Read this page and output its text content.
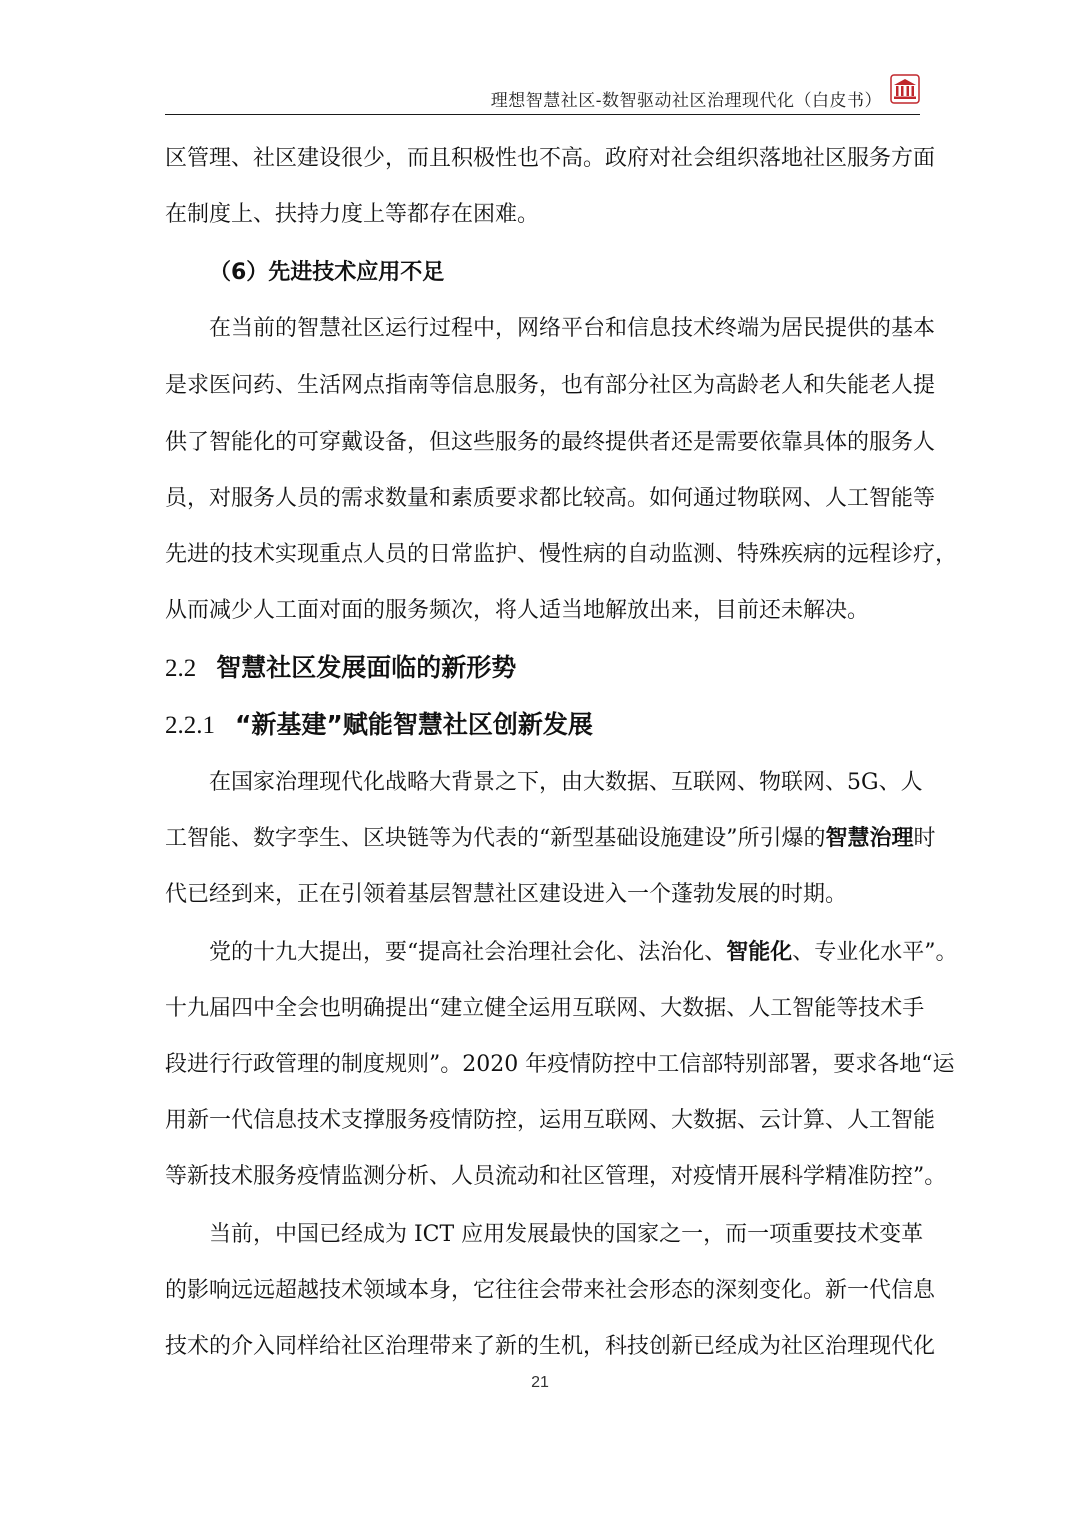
理想智慧社区-数智驱动社区治理现代化（白皮书）
区管理、社区建设很少，而且积极性也不高。政府对社会组织落地社区服务方面
在制度上、扶持力度上等都存在困难。
（6）先进技术应用不足
在当前的智慧社区运行过程中，网络平台和信息技术终端为居民提供的基本
是求医问药、生活网点指南等信息服务，也有部分社区为高龄老人和失能老人提
供了智能化的可穿戴设备，但这些服务的最终提供者还是需要依靠具体的服务人
员，对服务人员的需求数量和素质要求都比较高。如何通过物联网、人工智能等
先进的技术实现重点人员的日常监护、慢性病的自动监测、特殊疾病的远程诊疗，
从而减少人工面对面的服务频次，将人适当地解放出来，目前还未解决。
2.2 智慧社区发展面临的新形势
2.2.1 “新基建”赋能智慧社区创新发展
在国家治理现代化战略大背景之下，由大数据、互联网、物联网、5G、人
工智能、数字孪生、区块链等为代表的“新型基础设施建设”所引爆的智慧治理时
代已经到来，正在引领着基层智慧社区建设进入一个蓬勃发展的时期。
党的十九大提出，要“提高社会治理社会化、法治化、智能化、专业化水平”。
十九届四中全会也明确提出“建立健全运用互联网、大数据、人工智能等技术手
段进行行政管理的制度规则”。2020 年疫情防控中工信部特别部署，要求各地“运
用新一代信息技术支撑服务疫情防控，运用互联网、大数据、云计算、人工智能
等新技术服务疫情监测分析、人员流动和社区管理，对疫情开展科学精准防控”。
当前，中国已经成为 ICT 应用发展最快的国家之一，而一项重要技术变革
的影响远远超越技术领域本身，它往往会带来社会形态的深刻变化。新一代信息
技术的介入同样给社区治理带来了新的生机，科技创新已经成为社区治理现代化
21
